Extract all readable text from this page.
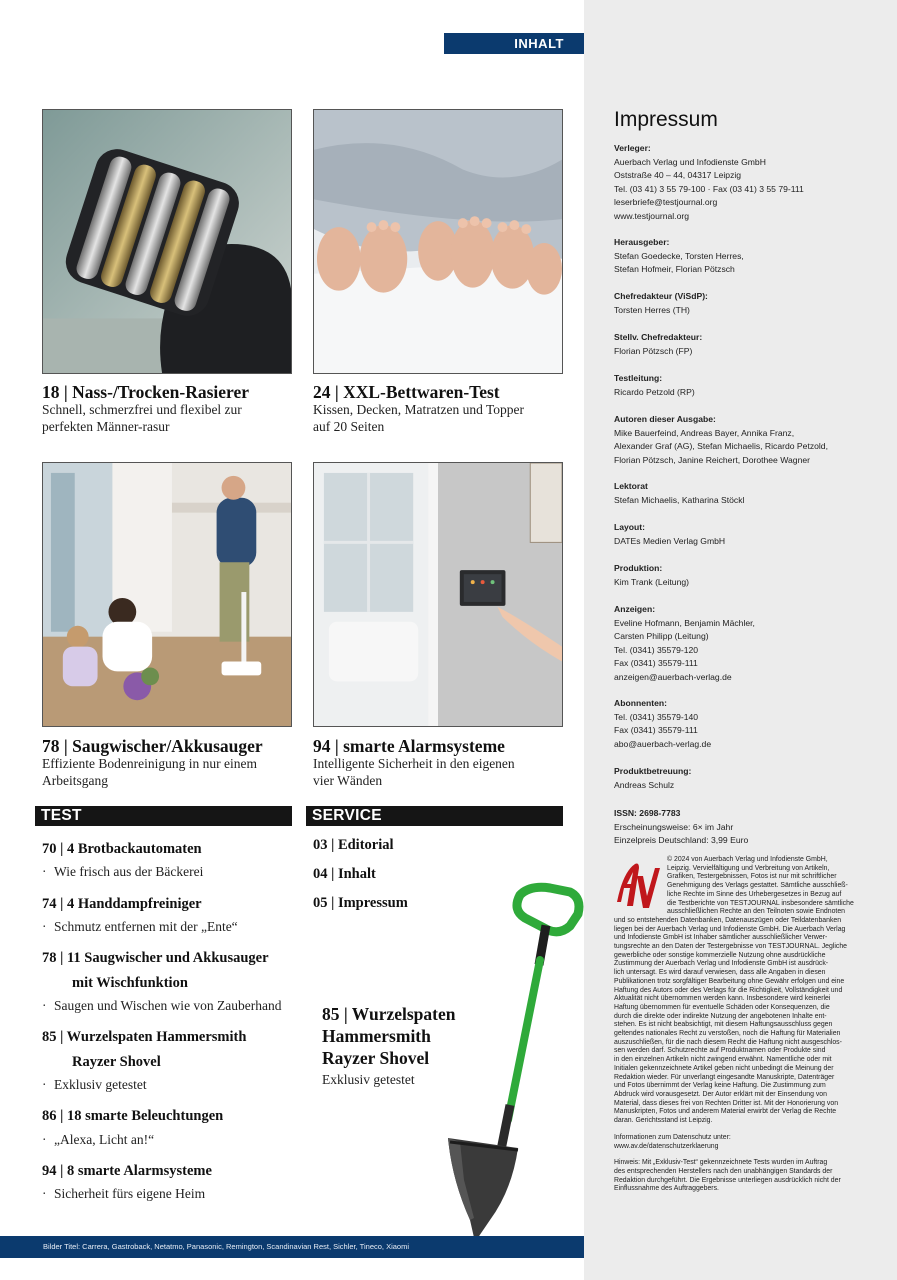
INHALT
18 | Nass-/Trocken-Rasierer
Schnell, schmerzfrei und flexibel zur
perfekten Männer-rasur
24 | XXL-Bettwaren-Test
Kissen, Decken, Matratzen und Topper
auf 20 Seiten
78 | Saugwischer/Akkusauger
Effiziente Bodenreinigung in nur einem
Arbeitsgang
94 | smarte Alarmsysteme
Intelligente Sicherheit in den eigenen
vier Wänden
TEST	SERVICE
70 | 4 Brotbackautomaten
· Wie frisch aus der Bäckerei
74 | 4 Handdampfreiniger
· Schmutz entfernen mit der „Ente“
78 | 11 Saugwischer und Akkusauger
mit Wischfunktion
· Saugen und Wischen wie von Zauberhand
85 | Wurzelspaten Hammersmith
Rayzer Shovel
· Exklusiv getestet
86 | 18 smarte Beleuchtungen
· „Alexa, Licht an!“
94 | 8 smarte Alarmsysteme
· Sicherheit fürs eigene Heim
03 | Editorial
04 | Inhalt
05 | Impressum
85 | Wurzelspaten
Hammersmith
Rayzer Shovel
Exklusiv getestet
Bilder Titel: Carrera, Gastroback, Netatmo, Panasonic, Remington, Scandinavian Rest, Sichler, Tineco, Xiaomi
Impressum
Verleger:
Auerbach Verlag und Infodienste GmbH
Oststraße 40 – 44, 04317 Leipzig
Tel. (03 41) 3 55 79-100 · Fax (03 41) 3 55 79-111
leserbriefe@testjournal.org
www.testjournal.org
Herausgeber:
Stefan Goedecke, Torsten Herres,
Stefan Hofmeir, Florian Pötzsch
Chefredakteur (ViSdP):
Torsten Herres (TH)
Stellv. Chefredakteur:
Florian Pötzsch (FP)
Testleitung:
Ricardo Petzold (RP)
Autoren dieser Ausgabe:
Mike Bauerfeind, Andreas Bayer, Annika Franz,
Alexander Graf (AG), Stefan Michaelis, Ricardo Petzold,
Florian Pötzsch, Janine Reichert, Dorothee Wagner
Lektorat
Stefan Michaelis, Katharina Stöckl
Layout:
DATEs Medien Verlag GmbH
Produktion:
Kim Trank (Leitung)
Anzeigen:
Eveline Hofmann, Benjamin Mächler,
Carsten Philipp (Leitung)
Tel. (0341) 35579-120
Fax (0341) 35579-111
anzeigen@auerbach-verlag.de
Abonnenten:
Tel. (0341) 35579-140
Fax (0341) 35579-111
abo@auerbach-verlag.de
Produktbetreuung:
Andreas Schulz
ISSN: 2698-7783
Erscheinungsweise: 6× im Jahr
Einzelpreis Deutschland: 3,99 Euro
© 2024 von Auerbach Verlag und Infodienste GmbH,
Leipzig. Vervielfältigung und Verbreitung von Artikeln,
Grafiken, Testergebnissen, Fotos ist nur mit schriftlicher
Genehmigung des Verlags gestattet. Sämtliche ausschließ-
liche Rechte im Sinne des Urhebergesetzes in Bezug auf
die Testberichte von TESTJOURNAL insbesondere sämtliche
ausschließlichen Rechte an den Teilnoten sowie Endnoten
und so entstehenden Datenbanken, Datenauszügen oder Teildatenbanken
liegen bei der Auerbach Verlag und Infodienste GmbH. Die Auerbach Verlag
und Infodienste GmbH ist Inhaber sämtlicher ausschließlicher Verwer-
tungsrechte an den Daten der Testergebnisse von TESTJOURNAL. Jegliche
gewerbliche oder sonstige kommerzielle Nutzung ohne ausdrückliche
Zustimmung der Auerbach Verlag und Infodienste GmbH ist ausdrück-
lich untersagt. Es wird darauf verwiesen, dass alle Angaben in diesen
Publikationen trotz sorgfältiger Bearbeitung ohne Gewähr erfolgen und eine
Haftung des Autors oder des Verlags für die Richtigkeit, Vollständigkeit und
Aktualität nicht übernommen werden kann. Insbesondere wird keinerlei
Haftung übernommen für eventuelle Schäden oder Konsequenzen, die
durch die direkte oder indirekte Nutzung der angebotenen Inhalte ent-
stehen. Es ist nicht beabsichtigt, mit diesem Haftungsausschluss gegen
geltendes nationales Recht zu verstoßen, noch die Haftung für Materialien
auszuschließen, für die nach diesem Recht die Haftung nicht ausgeschlos-
sen werden darf. Schutzrechte auf Produktnamen oder Produkte sind
in den einzelnen Artikeln nicht zwingend erwähnt. Namentliche oder mit
Initialen gekennzeichnete Artikel geben nicht unbedingt die Meinung der
Redaktion wieder. Für unverlangt eingesandte Manuskripte, Datenträger
und Fotos übernimmt der Verlag keine Haftung. Die Zustimmung zum
Abdruck wird vorausgesetzt. Der Autor erklärt mit der Einsendung von
Material, dass dieses frei von Rechten Dritter ist. Mit der Honorierung von
Manuskripten, Fotos und anderem Material erwirbt der Verlag die Rechte
daran. Gerichtsstand ist Leipzig.
Informationen zum Datenschutz unter:
www.av.de/datenschutzerklaerung
Hinweis: Mit „Exklusiv-Test“ gekennzeichnete Tests wurden im Auftrag
des entsprechenden Herstellers nach den unabhängigen Standards der
Redaktion durchgeführt. Die Ergebnisse unterliegen ausdrücklich nicht der
Einflussnahme des Auftraggebers.
